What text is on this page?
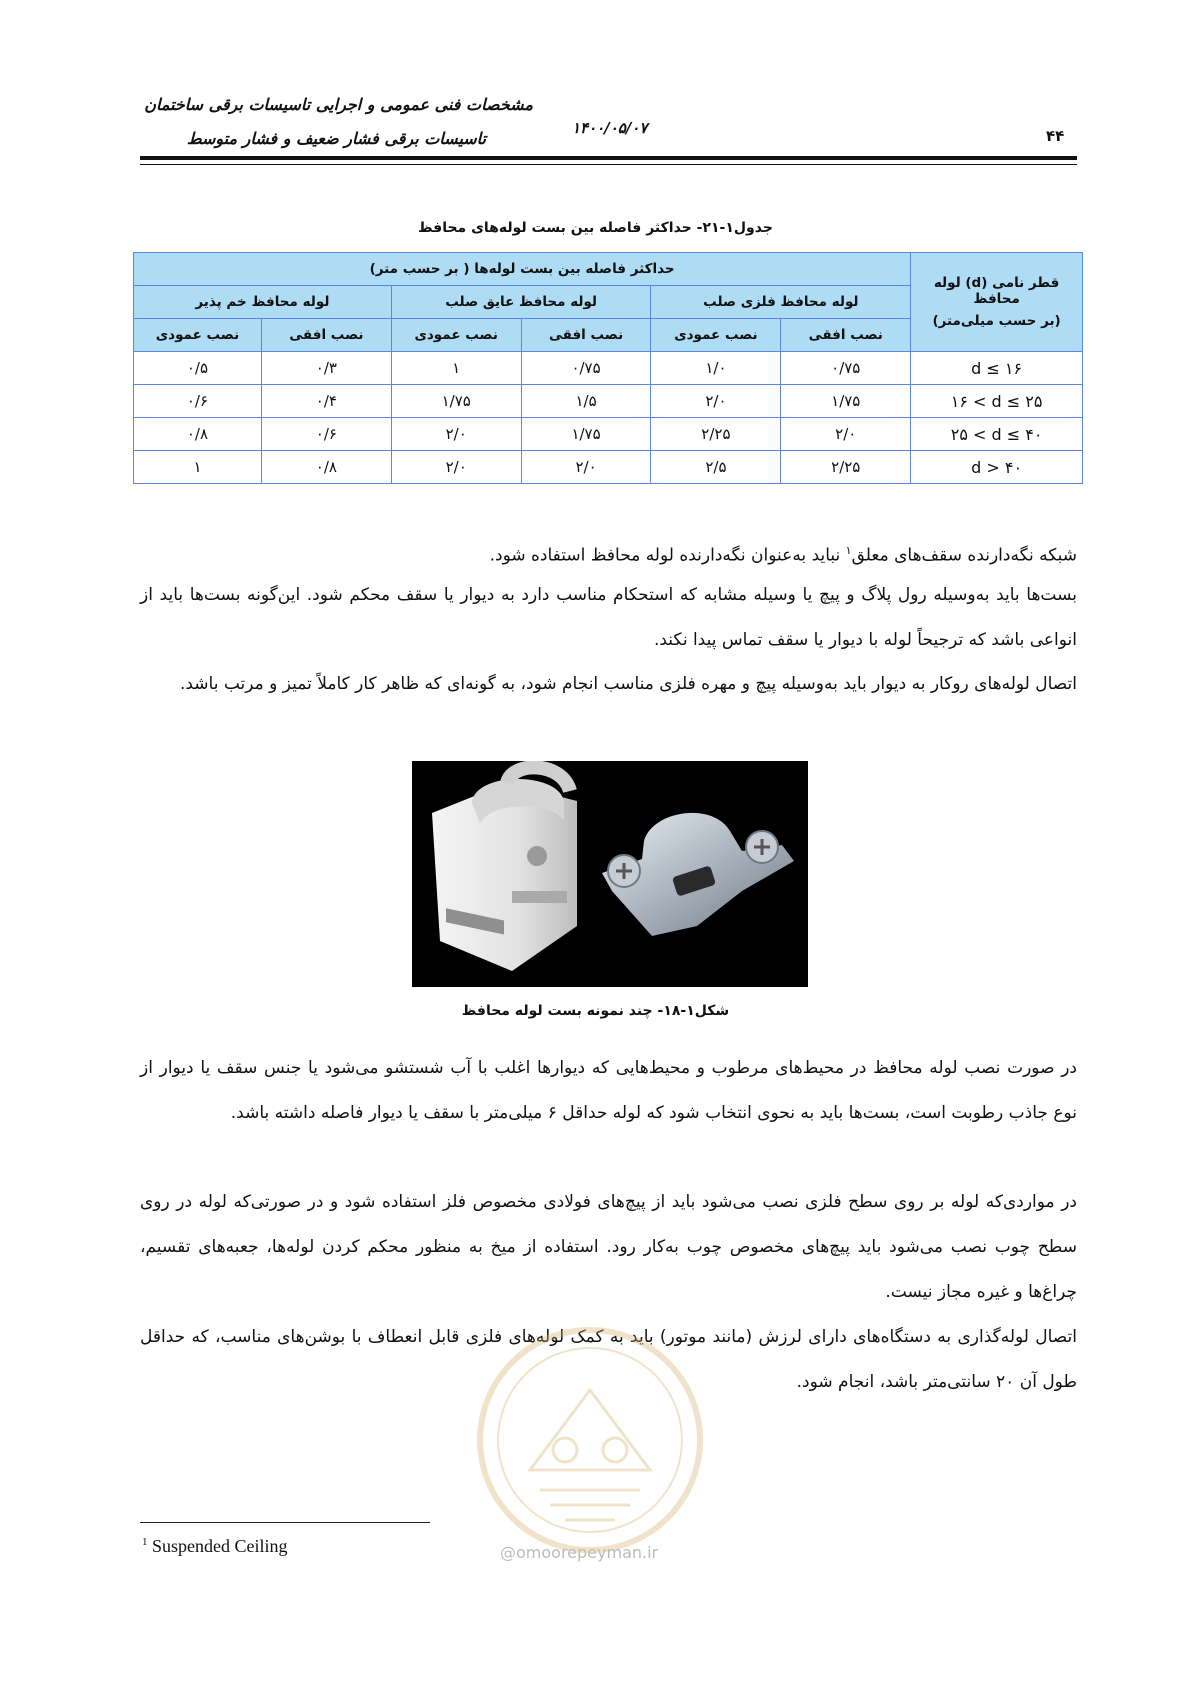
مشخصات فنی عمومی و اجرایی تاسیسات برقی ساختمان
تاسیسات برقی فشار ضعیف و فشار متوسط
۱۴۰۰/۰۵/۰۷	۴۴
جدول۱-۲۱- حداکثر فاصله بین بست لوله‌های محافظ
قطر نامی (d) لوله محافظ
(بر حسب میلی‌متر)	حداکثر فاصله بین بست لوله‌ها ( بر حسب متر)					
	لوله محافظ فلزی صلب		لوله محافظ عایق صلب		لوله محافظ خم پذیر	
	نصب افقی	نصب عمودی	نصب افقی	نصب عمودی	نصب افقی	نصب عمودی
d ≤ ۱۶	۰/۷۵	۱/۰	۰/۷۵	۱	۰/۳	۰/۵
۱۶ < d ≤ ۲۵	۱/۷۵	۲/۰	۱/۵	۱/۷۵	۰/۴	۰/۶
۲۵ < d ≤ ۴۰	۲/۰	۲/۲۵	۱/۷۵	۲/۰	۰/۶	۰/۸
d > ۴۰	۲/۲۵	۲/۵	۲/۰	۲/۰	۰/۸	۱
شبکه نگه‌دارنده سقف‌های معلق$^۱$ نباید به‌عنوان نگه‌دارنده لوله محافظ استفاده شود.
بست‌ها باید به‌وسیله رول پلاگ و پیچ یا وسیله مشابه که استحکام مناسب دارد به دیوار یا سقف محکم شود. این‌گونه بست‌ها باید از انواعی باشد که ترجیحاً لوله با دیوار یا سقف تماس پیدا نکند.
اتصال لوله‌های روکار به دیوار باید به‌وسیله پیچ و مهره فلزی مناسب انجام شود، به گونه‌ای که ظاهر کار کاملاً تمیز و مرتب باشد.
شکل۱-۱۸- چند نمونه بست لوله محافظ
در صورت نصب لوله محافظ در محیط‌های مرطوب و محیط‌هایی که دیوارها اغلب با آب شستشو می‌شود یا جنس سقف یا دیوار از نوع جاذب رطوبت است، بست‌ها باید به نحوی انتخاب شود که لوله حداقل ۶ میلی‌متر با سقف یا دیوار فاصله داشته باشد.
در مواردی‌که لوله بر روی سطح فلزی نصب می‌شود باید از پیچ‌های فولادی مخصوص فلز استفاده شود و در صورتی‌که لوله در روی سطح چوب نصب می‌شود باید پیچ‌های مخصوص چوب به‌کار رود. استفاده از میخ به منظور محکم کردن لوله‌ها، جعبه‌های تقسیم، چراغ‌ها و غیره مجاز نیست.
اتصال لوله‌گذاری به دستگاه‌های دارای لرزش (مانند موتور) باید به کمک لوله‌های فلزی قابل انعطاف با بوشن‌های مناسب، که حداقل طول آن ۲۰ سانتی‌متر باشد، انجام شود.
@omoorepeyman.ir
$^1$ Suspended Ceiling
